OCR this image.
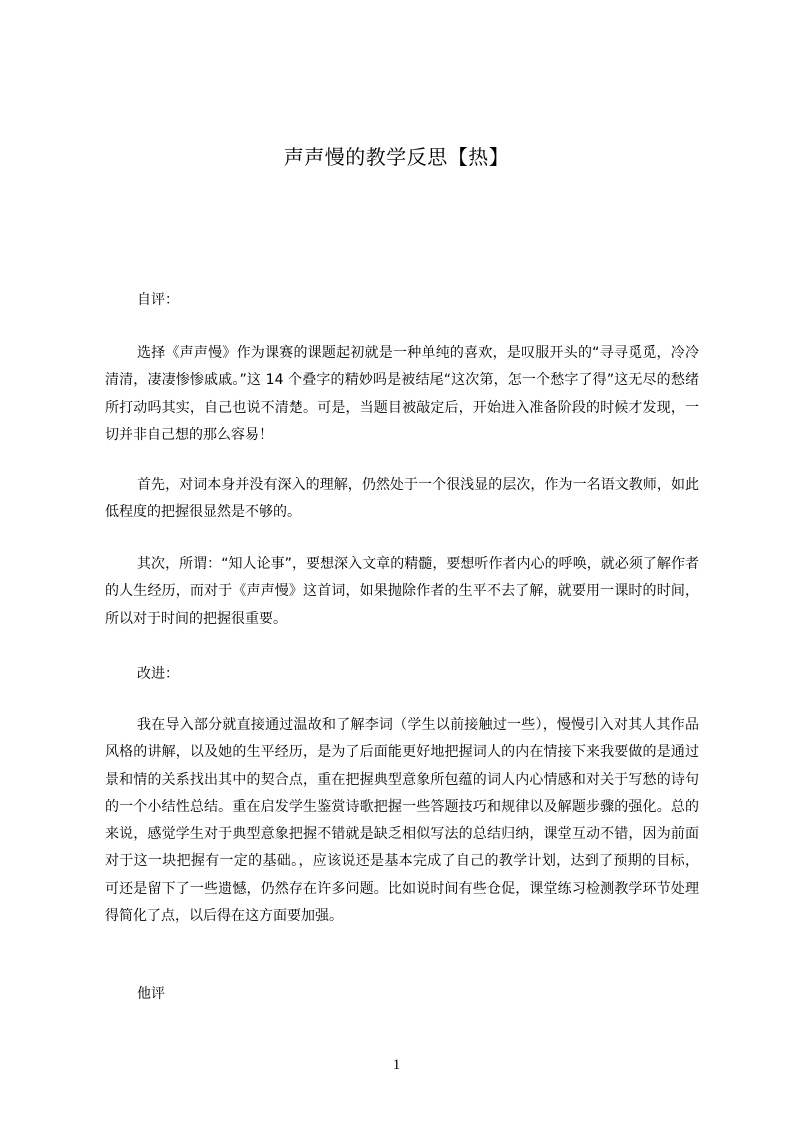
声声慢的教学反思【热】
自评：
选择《声声慢》作为课赛的课题起初就是一种单纯的喜欢，是叹服开头的“寻寻觅觅，冷冷清清，凄凄惨惨戚戚。”这 14 个叠字的精妙吗是被结尾“这次第，怎一个愁字了得”这无尽的愁绪所打动吗其实，自己也说不清楚。可是，当题目被敲定后，开始进入准备阶段的时候才发现，一切并非自己想的那么容易！
首先，对词本身并没有深入的理解，仍然处于一个很浅显的层次，作为一名语文教师，如此低程度的把握很显然是不够的。
其次，所谓：“知人论事”，要想深入文章的精髓，要想听作者内心的呼唤，就必须了解作者的人生经历，而对于《声声慢》这首词，如果抛除作者的生平不去了解，就要用一课时的时间，所以对于时间的把握很重要。
改进：
我在导入部分就直接通过温故和了解李词（学生以前接触过一些），慢慢引入对其人其作品风格的讲解，以及她的生平经历，是为了后面能更好地把握词人的内在情接下来我要做的是通过景和情的关系找出其中的契合点，重在把握典型意象所包蕴的词人内心情感和对关于写愁的诗句的一个小结性总结。重在启发学生鉴赏诗歌把握一些答题技巧和规律以及解题步骤的强化。总的来说，感觉学生对于典型意象把握不错就是缺乏相似写法的总结归纳，课堂互动不错，因为前面对于这一块把握有一定的基础。，应该说还是基本完成了自己的教学计划，达到了预期的目标，可还是留下了一些遗憾，仍然存在许多问题。比如说时间有些仓促，课堂练习检测教学环节处理得简化了点，以后得在这方面要加强。
他评
1
